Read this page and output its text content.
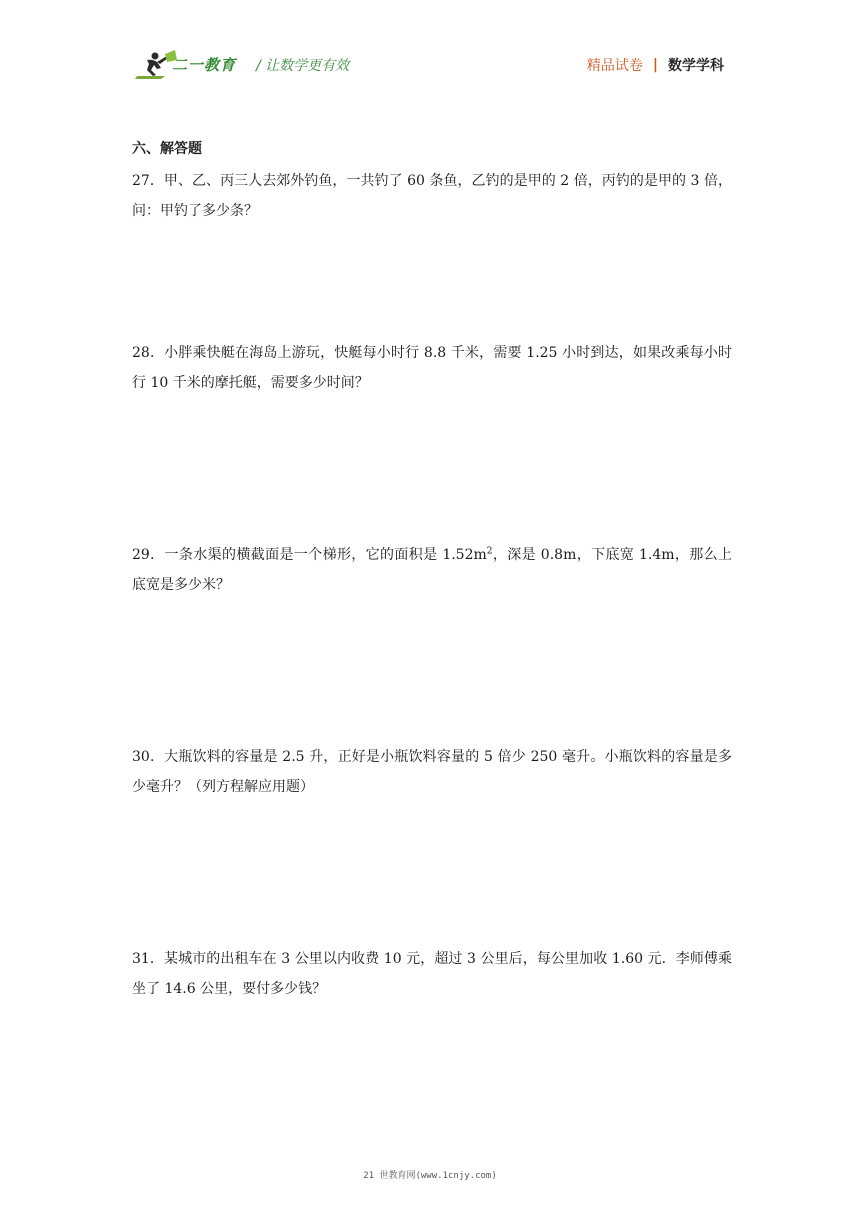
二一教育 / 让数学更有效	精品试卷 | 数学学科
六、解答题
27．甲、乙、丙三人去郊外钓鱼，一共钓了 60 条鱼，乙钓的是甲的 2 倍，丙钓的是甲的 3 倍，问：甲钓了多少条？
28．小胖乘快艇在海岛上游玩，快艇每小时行 8.8 千米，需要 1.25 小时到达，如果改乘每小时行 10 千米的摩托艇，需要多少时间？
29．一条水渠的横截面是一个梯形，它的面积是 $1.52m^2$，深是 0.8m，下底宽 1.4m，那么上底宽是多少米？
30．大瓶饮料的容量是 2.5 升，正好是小瓶饮料容量的 5 倍少 250 毫升。小瓶饮料的容量是多少毫升？（列方程解应用题）
31．某城市的出租车在 3 公里以内收费 10 元，超过 3 公里后，每公里加收 1.60 元．李师傅乘坐了 14.6 公里，要付多少钱？
21 世教育网(www.1cnjy.com)
